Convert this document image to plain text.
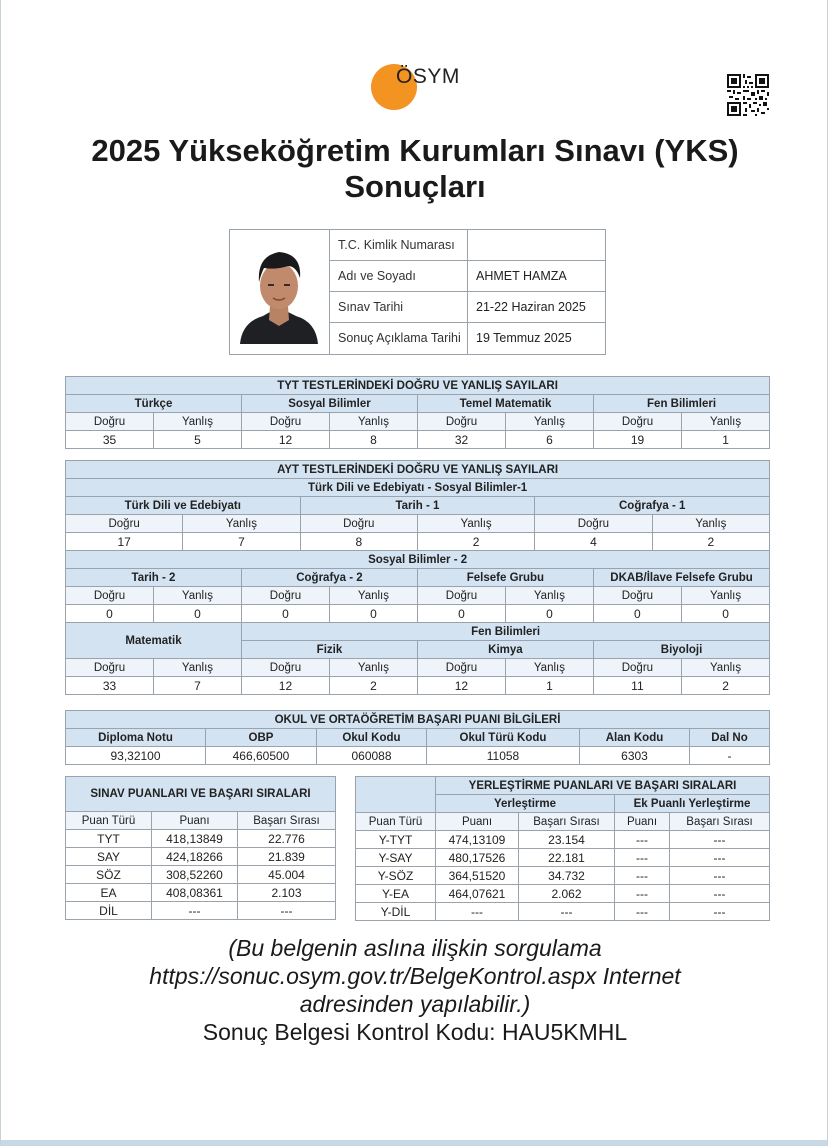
ÖSYM
2025 Yükseköğretim Kurumları Sınavı (YKS)
Sonuçları
T.C. Kimlik Numarası
Adı ve Soyadı	AHMET HAMZA
Sınav Tarihi	21-22 Haziran 2025
Sonuç Açıklama Tarihi	19 Temmuz 2025
TYT TESTLERİNDEKİ DOĞRU VE YANLIŞ SAYILARI							
Türkçe		Sosyal Bilimler		Temel Matematik		Fen Bilimleri	
Doğru	Yanlış	Doğru	Yanlış	Doğru	Yanlış	Doğru	Yanlış
35	5	12	8	32	6	19	1
AYT TESTLERİNDEKİ DOĞRU VE YANLIŞ SAYILARI											
Türk Dili ve Edebiyatı - Sosyal Bilimler-1											
Türk Dili ve Edebiyatı				Tarih - 1				Coğrafya - 1			
Doğru		Yanlış		Doğru		Yanlış		Doğru		Yanlış	
17		7		8		2		4		2	
Sosyal Bilimler - 2											
Tarih - 2			Coğrafya - 2			Felsefe Grubu			DKAB/İlave Felsefe Grubu		
Doğru	Yanlış		Doğru		Yanlış	Doğru	Yanlış		Doğru		Yanlış
0	0		0		0	0	0		0		0
Matematik			Fen Bilimleri								
			Fizik			Kimya			Biyoloji		
Doğru	Yanlış		Doğru		Yanlış	Doğru	Yanlış		Doğru		Yanlış
33	7		12		2	12	1		11		2
OKUL VE ORTAÖĞRETİM BAŞARI PUANI BİLGİLERİ					
Diploma Notu	OBP	Okul Kodu	Okul Türü Kodu	Alan Kodu	Dal No
93,32100	466,60500	060088	11058	6303	-
SINAV PUANLARI VE BAŞARI SIRALARI		
Puan Türü	Puanı	Başarı Sırası
TYT	418,13849	22.776
SAY	424,18266	21.839
SÖZ	308,52260	45.004
EA	408,08361	2.103
DİL	---	---
	YERLEŞTİRME PUANLARI VE BAŞARI SIRALARI			
	Yerleştirme		Ek Puanlı Yerleştirme	
Puan Türü	Puanı	Başarı Sırası	Puanı	Başarı Sırası
Y-TYT	474,13109	23.154	---	---
Y-SAY	480,17526	22.181	---	---
Y-SÖZ	364,51520	34.732	---	---
Y-EA	464,07621	2.062	---	---
Y-DİL	---	---	---	---
(Bu belgenin aslına ilişkin sorgulama
https://sonuc.osym.gov.tr/BelgeKontrol.aspx Internet
adresinden yapılabilir.)
Sonuç Belgesi Kontrol Kodu: HAU5KMHL
